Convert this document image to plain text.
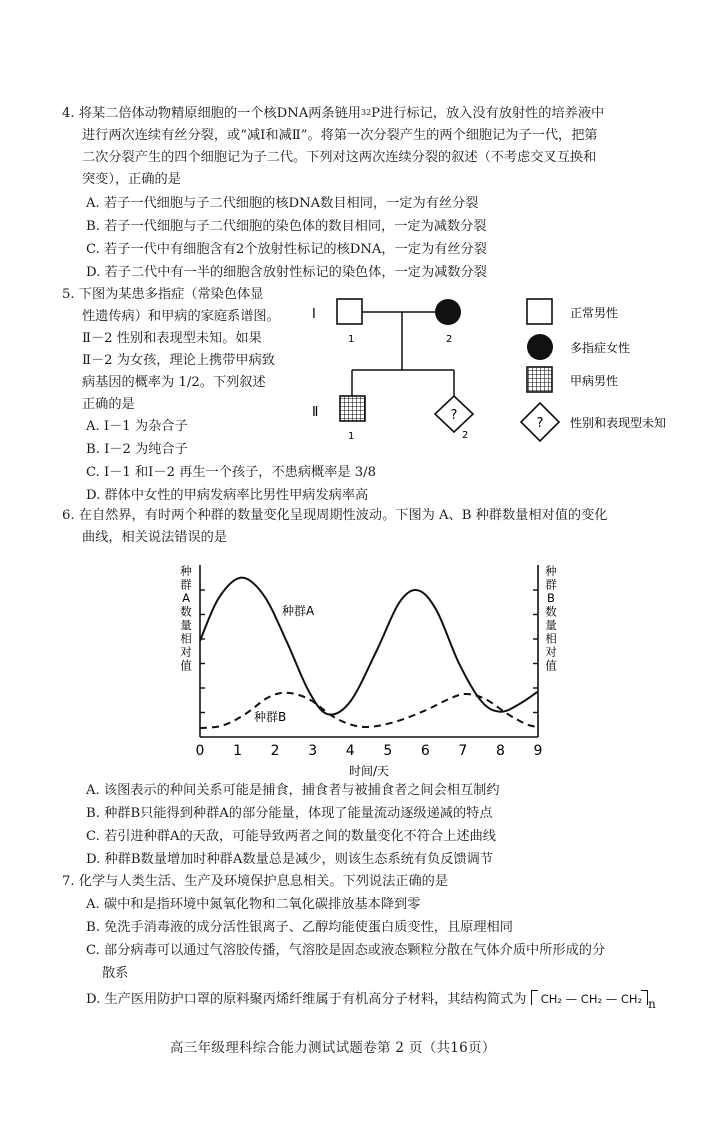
4. 将某二倍体动物精原细胞的一个核DNA两条链用$^{32}$P进行标记，放入没有放射性的培养液中
进行两次连续有丝分裂，或“减Ⅰ和减Ⅱ”。将第一次分裂产生的两个细胞记为子一代，把第
二次分裂产生的四个细胞记为子二代。下列对这两次连续分裂的叙述（不考虑交叉互换和
突变），正确的是
A. 若子一代细胞与子二代细胞的核DNA数目相同，一定为有丝分裂
B. 若子一代细胞与子二代细胞的染色体的数目相同，一定为减数分裂
C. 若子一代中有细胞含有2个放射性标记的核DNA，一定为有丝分裂
D. 若子二代中有一半的细胞含放射性标记的染色体，一定为减数分裂
5. 下图为某患多指症（常染色体显
性遗传病）和甲病的家庭系谱图。
Ⅱ－2 性别和表现型未知。如果
Ⅱ－2 为女孩，理论上携带甲病致
病基因的概率为 1/2。下列叙述
正确的是
A. Ⅰ－1 为杂合子
B. Ⅰ－2 为纯合子
C. Ⅰ－1 和Ⅰ－2 再生一个孩子，不患病概率是 3/8
D. 群体中女性的甲病发病率比男性甲病发病率高
Ⅰ
Ⅱ
1	2
?
1	2
正常男性
多指症女性
甲病男性
? 性别和表现型未知
6. 在自然界，有时两个种群的数量变化呈现周期性波动。下图为 A、B 种群数量相对值的变化
曲线，相关说法错误的是
种
群
A
数
量
相
对
值
种
群
B
数
量
相
对
值
0 1 2 3 4 5 6 7 8 9
种群A
种群B
时间/天
A. 该图表示的种间关系可能是捕食，捕食者与被捕食者之间会相互制约
B. 种群B只能得到种群A的部分能量，体现了能量流动逐级递减的特点
C. 若引进种群A的天敌，可能导致两者之间的数量变化不符合上述曲线
D. 种群B数量增加时种群A数量总是减少，则该生态系统有负反馈调节
7. 化学与人类生活、生产及环境保护息息相关。下列说法正确的是
A. 碳中和是指环境中氮氧化物和二氧化碳排放基本降到零
B. 免洗手消毒液的成分活性银离子、乙醇均能使蛋白质变性，且原理相同
C. 部分病毒可以通过气溶胶传播，气溶胶是固态或液态颗粒分散在气体介质中所形成的分
散系
D. 生产医用防护口罩的原料聚丙烯纤维属于有机高分子材料，其结构简式为 CH₂ — CH₂ — CH₂ n
高三年级理科综合能力测试试题卷第 2 页（共16页）
